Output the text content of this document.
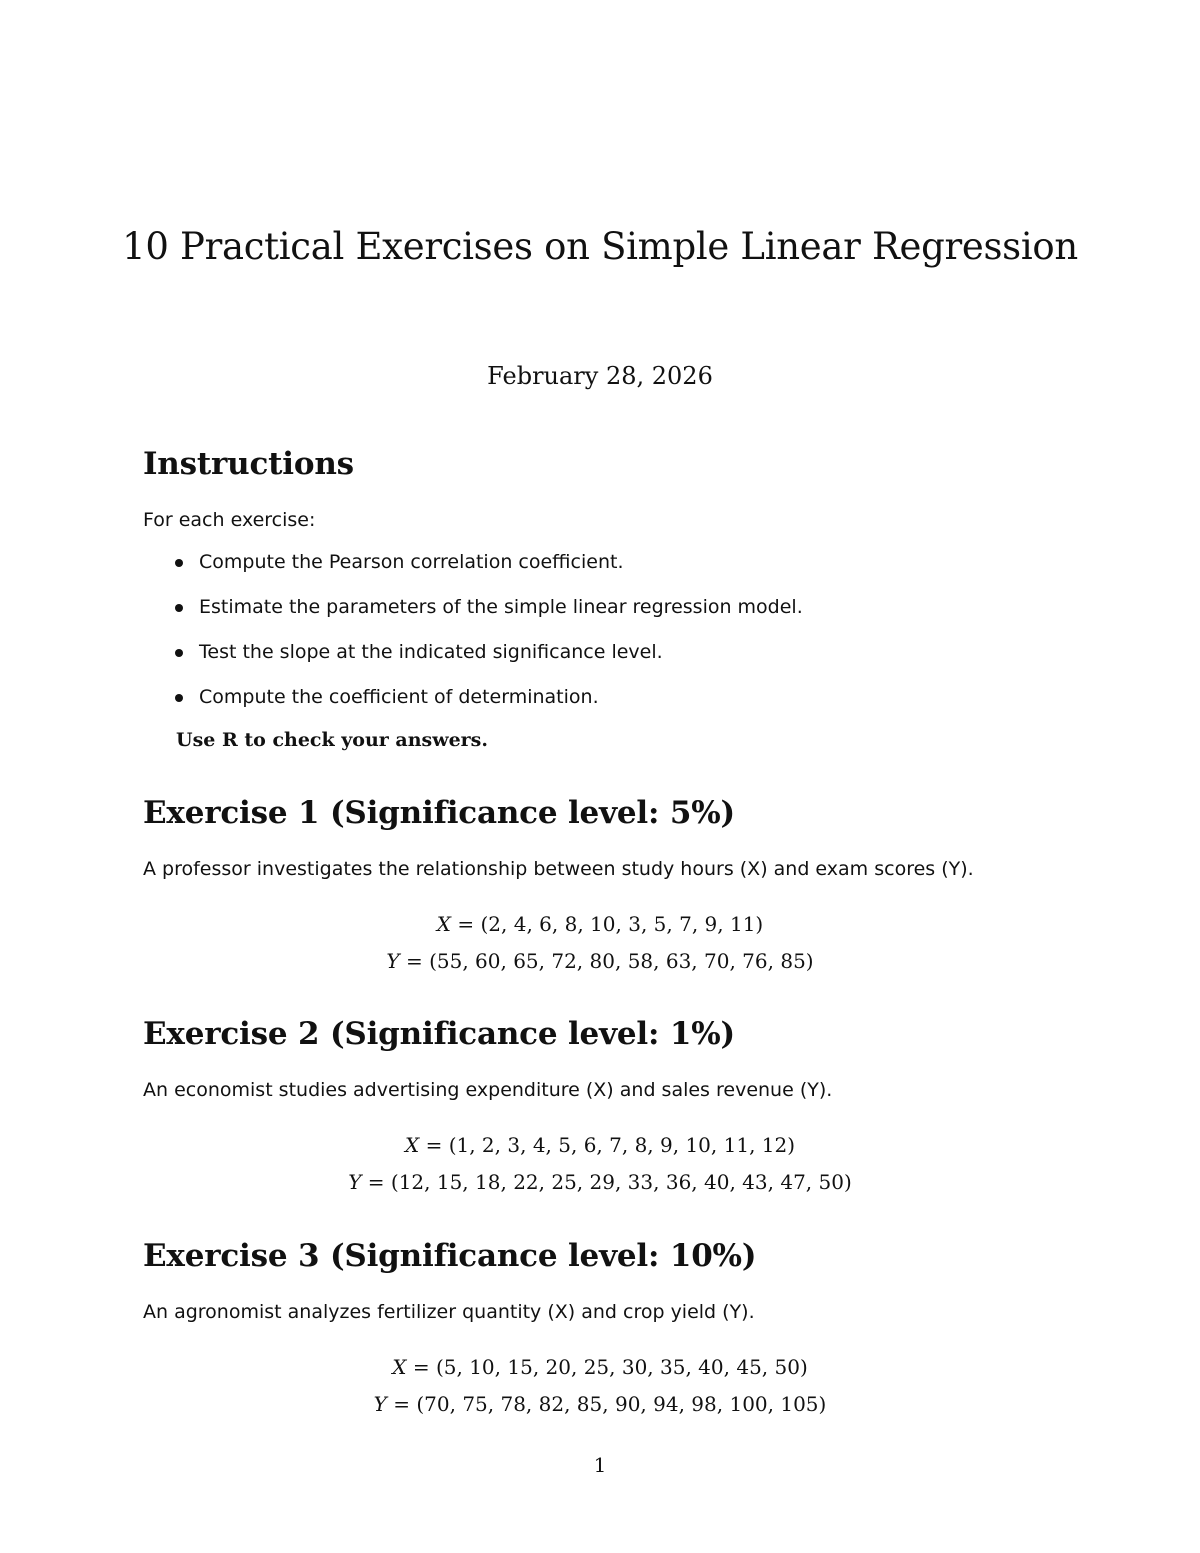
10 Practical Exercises on Simple Linear Regression
February 28, 2026
Instructions

For each exercise:

Compute the Pearson correlation coefficient.
Estimate the parameters of the simple linear regression model.
Test the slope at the indicated significance level.
Compute the coefficient of determination.
Use R to check your answers.
Exercise 1 (Significance level: 5%)

A professor investigates the relationship between study hours (X) and exam scores (Y).

X = (2, 4, 6, 8, 10, 3, 5, 7, 9, 11)
Y = (55, 60, 65, 72, 80, 58, 63, 70, 76, 85)
Exercise 2 (Significance level: 1%)

An economist studies advertising expenditure (X) and sales revenue (Y).

X = (1, 2, 3, 4, 5, 6, 7, 8, 9, 10, 11, 12)
Y = (12, 15, 18, 22, 25, 29, 33, 36, 40, 43, 47, 50)
Exercise 3 (Significance level: 10%)

An agronomist analyzes fertilizer quantity (X) and crop yield (Y).

X = (5, 10, 15, 20, 25, 30, 35, 40, 45, 50)
Y = (70, 75, 78, 82, 85, 90, 94, 98, 100, 105)
1
